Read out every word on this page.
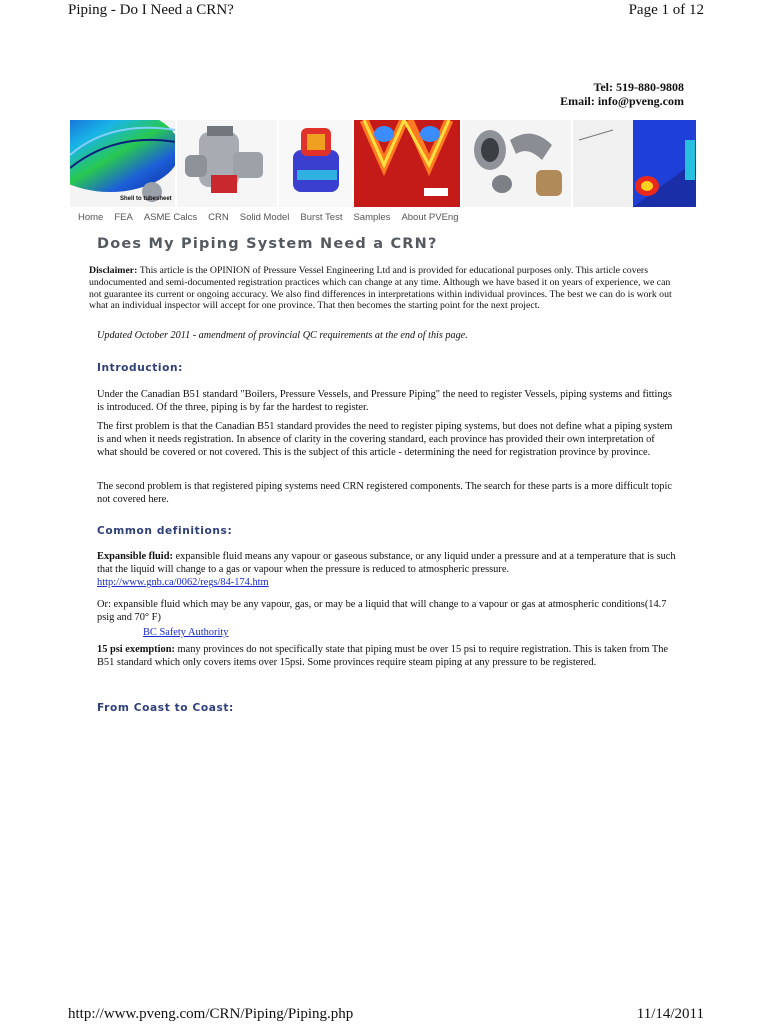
Piping - Do I Need a CRN?	Page 1 of 12
Tel: 519-880-9808
Email: info@pveng.com
Shell to tubesheet
Home FEA ASME Calcs CRN Solid Model Burst Test Samples About PVEng
Does My Piping System Need a CRN?
Disclaimer: This article is the OPINION of Pressure Vessel Engineering Ltd and is provided for educational purposes only. This article covers undocumented and semi-documented registration practices which can change at any time. Although we have based it on years of experience, we can not guarantee its current or ongoing accuracy. We also find differences in interpretations within individual provinces. The best we can do is work out what an individual inspector will accept for one province. That then becomes the starting point for the next project.
Updated October 2011 - amendment of provincial QC requirements at the end of this page.
Introduction:
Under the Canadian B51 standard "Boilers, Pressure Vessels, and Pressure Piping" the need to register Vessels, piping systems and fittings is introduced. Of the three, piping is by far the hardest to register.
The first problem is that the Canadian B51 standard provides the need to register piping systems, but does not define what a piping system is and when it needs registration. In absence of clarity in the covering standard, each province has provided their own interpretation of what should be covered or not covered. This is the subject of this article - determining the need for registration province by province.
The second problem is that registered piping systems need CRN registered components. The search for these parts is a more difficult topic not covered here.
Common definitions:
Expansible fluid: expansible fluid means any vapour or gaseous substance, or any liquid under a pressure and at a temperature that is such that the liquid will change to a gas or vapour when the pressure is reduced to atmospheric pressure.
http://www.gnb.ca/0062/regs/84-174.htm
Or: expansible fluid which may be any vapour, gas, or may be a liquid that will change to a vapour or gas at atmospheric conditions(14.7 psig and 70° F)
BC Safety Authority
15 psi exemption: many provinces do not specifically state that piping must be over 15 psi to require registration. This is taken from The B51 standard which only covers items over 15psi. Some provinces require steam piping at any pressure to be registered.
From Coast to Coast:
http://www.pveng.com/CRN/Piping/Piping.php	11/14/2011
